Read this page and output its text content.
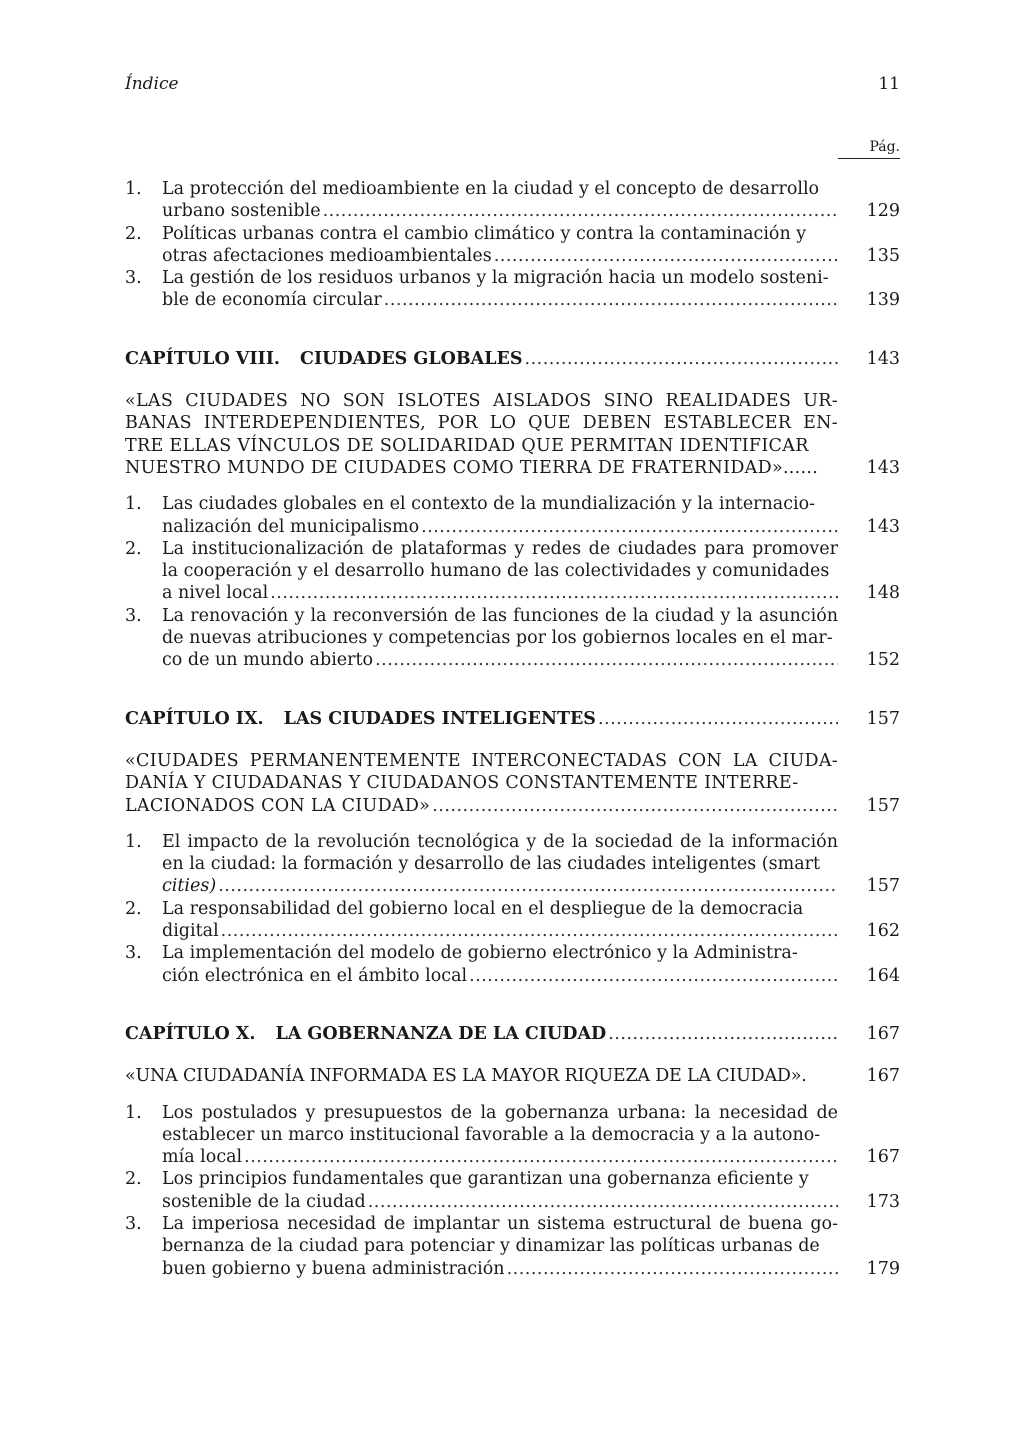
Índice	11
Pág.
1. La protección del medioambiente en la ciudad y el concepto de desarrollo
urbano sostenible .....	129
2. Políticas urbanas contra el cambio climático y contra la contaminación y
otras afectaciones medioambientales .....	135
3. La gestión de los residuos urbanos y la migración hacia un modelo sosteni-
ble de economía circular .....	139
CAPÍTULO VIII. CIUDADES GLOBALES .....	143
«LAS CIUDADES NO SON ISLOTES AISLADOS SINO REALIDADES UR- BANAS INTERDEPENDIENTES, POR LO QUE DEBEN ESTABLECER EN- TRE ELLAS VÍNCULOS DE SOLIDARIDAD QUE PERMITAN IDENTIFICAR
NUESTRO MUNDO DE CIUDADES COMO TIERRA DE FRATERNIDAD»......	143
1. Las ciudades globales en el contexto de la mundialización y la internacio-
nalización del municipalismo .....	143
2. La institucionalización de plataformas y redes de ciudades para promover la cooperación y el desarrollo humano de las colectividades y comunidades
a nivel local .....	148
3. La renovación y la reconversión de las funciones de la ciudad y la asunción de nuevas atribuciones y competencias por los gobiernos locales en el mar-
co de un mundo abierto .....	152
CAPÍTULO IX. LAS CIUDADES INTELIGENTES .....	157
«CIUDADES PERMANENTEMENTE INTERCONECTADAS CON LA CIUDA- DANÍA Y CIUDADANAS Y CIUDADANOS CONSTANTEMENTE INTERRE-
LACIONADOS CON LA CIUDAD» .....	157
1. El impacto de la revolución tecnológica y de la sociedad de la información en la ciudad: la formación y desarrollo de las ciudades inteligentes (smart
cities) .....	157
2. La responsabilidad del gobierno local en el despliegue de la democracia
digital .....	162
3. La implementación del modelo de gobierno electrónico y la Administra-
ción electrónica en el ámbito local .....	164
CAPÍTULO X. LA GOBERNANZA DE LA CIUDAD .....	167
«UNA CIUDADANÍA INFORMADA ES LA MAYOR RIQUEZA DE LA CIUDAD».	167
1. Los postulados y presupuestos de la gobernanza urbana: la necesidad de establecer un marco institucional favorable a la democracia y a la autono-
mía local .....	167
2. Los principios fundamentales que garantizan una gobernanza eficiente y
sostenible de la ciudad .....	173
3. La imperiosa necesidad de implantar un sistema estructural de buena go- bernanza de la ciudad para potenciar y dinamizar las políticas urbanas de
buen gobierno y buena administración .....	179
